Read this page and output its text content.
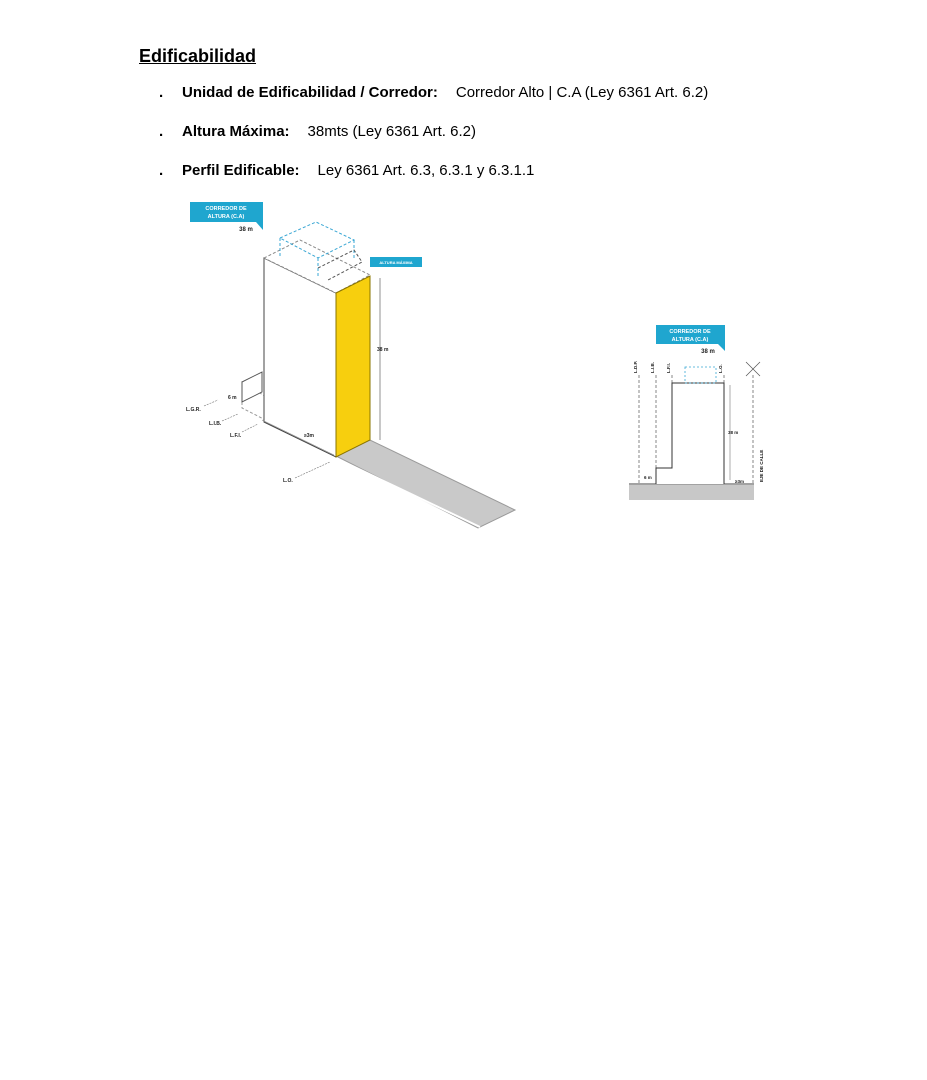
Edificabilidad
.	Unidad de Edificabilidad / Corredor: Corredor Alto | C.A (Ley 6361 Art. 6.2)
.	Altura Máxima: 38mts (Ley 6361 Art. 6.2)
.	Perfil Edificable: Ley 6361 Art. 6.3, 6.3.1 y 6.3.1.1
38 m
6 m
≥3m
L.G.R.
L.I.B.
L.F.I.
L.O.
CORREDOR DE
ALTURA (C.A)
38 m
ALTURA MÁXIMA
L.D.P.	L.I.B. L.F.I.	L.O.
EJE DE CALLE
38 m
6 m
≥3m
CORREDOR DE
ALTURA (C.A)
38 m
